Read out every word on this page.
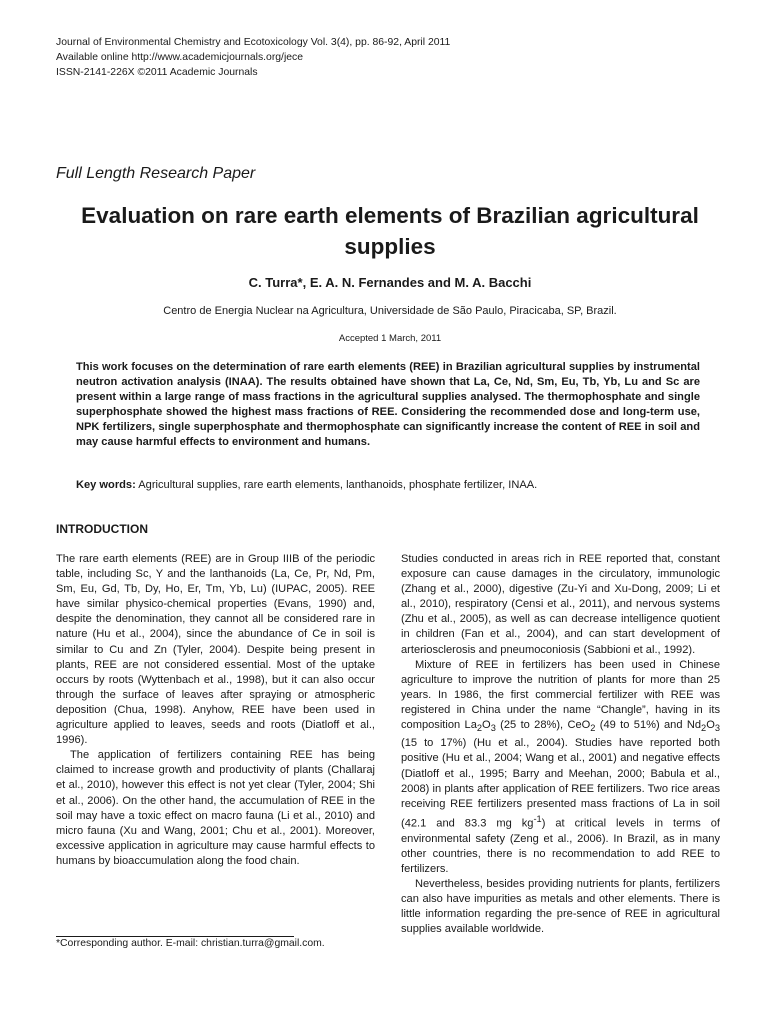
Journal of Environmental Chemistry and Ecotoxicology Vol. 3(4), pp. 86-92, April 2011
Available online http://www.academicjournals.org/jece
ISSN-2141-226X ©2011 Academic Journals
Full Length Research Paper
Evaluation on rare earth elements of Brazilian agricultural supplies
C. Turra*, E. A. N. Fernandes and M. A. Bacchi
Centro de Energia Nuclear na Agricultura, Universidade de São Paulo, Piracicaba, SP, Brazil.
Accepted 1 March, 2011

This work focuses on the determination of rare earth elements (REE) in Brazilian agricultural supplies by instrumental neutron activation analysis (INAA). The results obtained have shown that La, Ce, Nd, Sm, Eu, Tb, Yb, Lu and Sc are present within a large range of mass fractions in the agricultural supplies analysed. The thermophosphate and single superphosphate showed the highest mass fractions of REE. Considering the recommended dose and long-term use, NPK fertilizers, single superphosphate and thermophosphate can significantly increase the content of REE in soil and may cause harmful effects to environment and humans.

Key words: Agricultural supplies, rare earth elements, lanthanoids, phosphate fertilizer, INAA.
INTRODUCTION

The rare earth elements (REE) are in Group IIIB of the periodic table, including Sc, Y and the lanthanoids (La, Ce, Pr, Nd, Pm, Sm, Eu, Gd, Tb, Dy, Ho, Er, Tm, Yb, Lu) (IUPAC, 2005). REE have similar physico-chemical properties (Evans, 1990) and, despite the denomination, they cannot all be considered rare in nature (Hu et al., 2004), since the abundance of Ce in soil is similar to Cu and Zn (Tyler, 2004). Despite being present in plants, REE are not considered essential. Most of the uptake occurs by roots (Wyttenbach et al., 1998), but it can also occur through the surface of leaves after spraying or atmospheric deposition (Chua, 1998). Anyhow, REE have been used in agriculture applied to leaves, seeds and roots (Diatloff et al., 1996).

The application of fertilizers containing REE has being claimed to increase growth and productivity of plants (Challaraj et al., 2010), however this effect is not yet clear (Tyler, 2004; Shi et al., 2006). On the other hand, the accumulation of REE in the soil may have a toxic effect on macro fauna (Li et al., 2010) and micro fauna (Xu and Wang, 2001; Chu et al., 2001). Moreover, excessive application in agriculture may cause harmful effects to humans by bioaccumulation along the food chain.

Studies conducted in areas rich in REE reported that, constant exposure can cause damages in the circulatory, immunologic (Zhang et al., 2000), digestive (Zu-Yi and Xu-Dong, 2009; Li et al., 2010), respiratory (Censi et al., 2011), and nervous systems (Zhu et al., 2005), as well as can decrease intelligence quotient in children (Fan et al., 2004), and can start development of arteriosclerosis and pneumoconiosis (Sabbioni et al., 1992).

Mixture of REE in fertilizers has been used in Chinese agriculture to improve the nutrition of plants for more than 25 years. In 1986, the first commercial fertilizer with REE was registered in China under the name “Changle”, having in its composition $La_2O_3$ (25 to 28%), CeO$_2$ (49 to 51%) and $Nd_2O_3$ (15 to 17%) (Hu et al., 2004). Studies have reported both positive (Hu et al., 2004; Wang et al., 2001) and negative effects (Diatloff et al., 1995; Barry and Meehan, 2000; Babula et al., 2008) in plants after application of REE fertilizers. Two rice areas receiving REE fertilizers presented mass fractions of La in soil (42.1 and 83.3 mg $kg^{-1}$) at critical levels in terms of environmental safety (Zeng et al., 2006). In Brazil, as in many other countries, there is no recommendation to add REE to fertilizers.

Nevertheless, besides providing nutrients for plants, fertilizers can also have impurities as metals and other elements. There is little information regarding the pre-sence of REE in agricultural supplies available worldwide.

*Corresponding author. E-mail: christian.turra@gmail.com.
